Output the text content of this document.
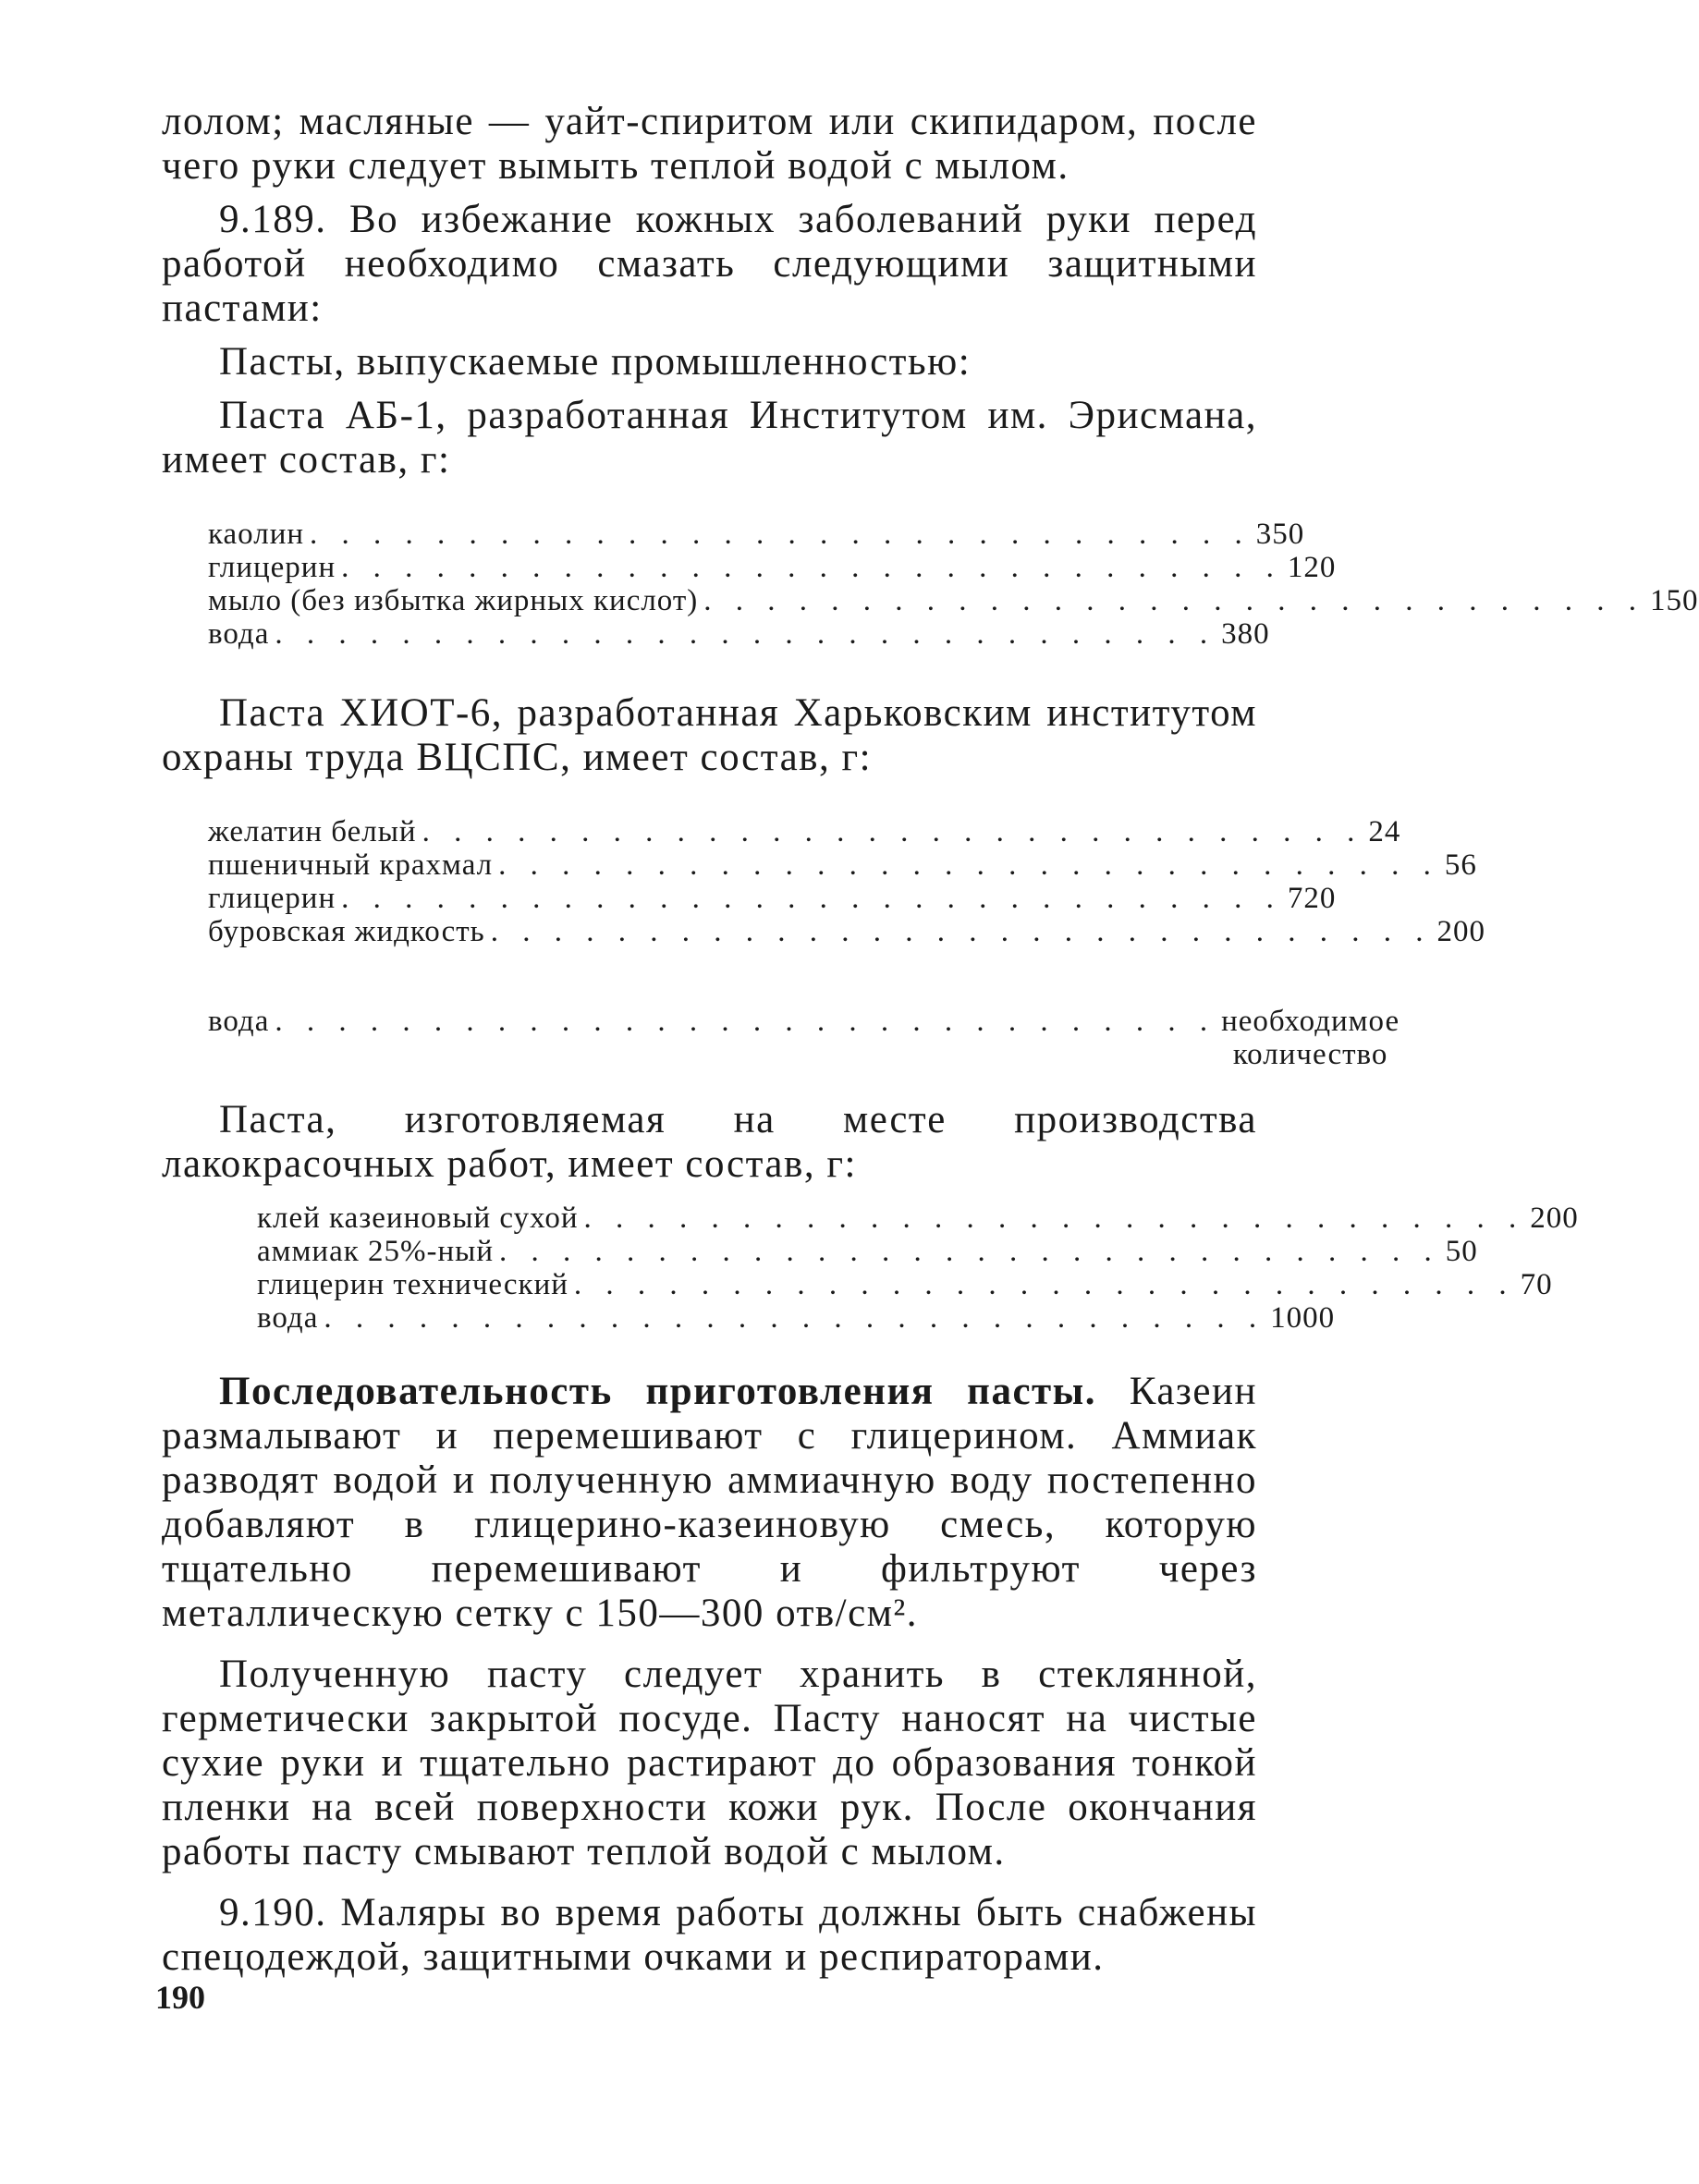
лолом; масляные — уайт-спиритом или скипидаром, после чего руки следует вымыть теплой водой с мылом.

9.189. Во избежание кожных заболеваний руки перед работой необходимо смазать следующими защитными пастами:

Пасты, выпускаемые промышленностью:

Паста АБ-1, разработанная Институтом им. Эрисмана, имеет состав, г:

каолин . . . . . . . . . . . . . . . . . . . . . . . . . . . . . . 350
глицерин . . . . . . . . . . . . . . . . . . . . . . . . . . . . . . 120
мыло (без избытка жирных кислот) . . . . . . . . . . . . . . . . . . . . . . . . . . . . . . 150
вода . . . . . . . . . . . . . . . . . . . . . . . . . . . . . . 380

Паста ХИОТ-6, разработанная Харьковским институтом охраны труда ВЦСПС, имеет состав, г:

желатин белый . . . . . . . . . . . . . . . . . . . . . . . . . . . . . . 24
пшеничный крахмал . . . . . . . . . . . . . . . . . . . . . . . . . . . . . . 56
глицерин . . . . . . . . . . . . . . . . . . . . . . . . . . . . . . 720
буровская жидкость . . . . . . . . . . . . . . . . . . . . . . . . . . . . . . 200
вода . . . . . . . . . . . . . . . . . . . . . . . . . . . . . . необходимое
количество

Паста, изготовляемая на месте производства лакокрасочных работ, имеет состав, г:

клей казеиновый сухой . . . . . . . . . . . . . . . . . . . . . . . . . . . . . . 200
аммиак 25%-ный . . . . . . . . . . . . . . . . . . . . . . . . . . . . . . 50
глицерин технический . . . . . . . . . . . . . . . . . . . . . . . . . . . . . . 70
вода . . . . . . . . . . . . . . . . . . . . . . . . . . . . . . 1000

Последовательность приготовления пасты. Казеин размалывают и перемешивают с глицерином. Аммиак разводят водой и полученную аммиачную воду постепенно добавляют в глицерино-казеиновую смесь, которую тщательно перемешивают и фильтруют через металлическую сетку с 150—300 отв/см².

Полученную пасту следует хранить в стеклянной, герметически закрытой посуде. Пасту наносят на чистые сухие руки и тщательно растирают до образования тонкой пленки на всей поверхности кожи рук. После окончания работы пасту смывают теплой водой с мылом.

9.190. Маляры во время работы должны быть снабжены спецодеждой, защитными очками и респираторами.

190
